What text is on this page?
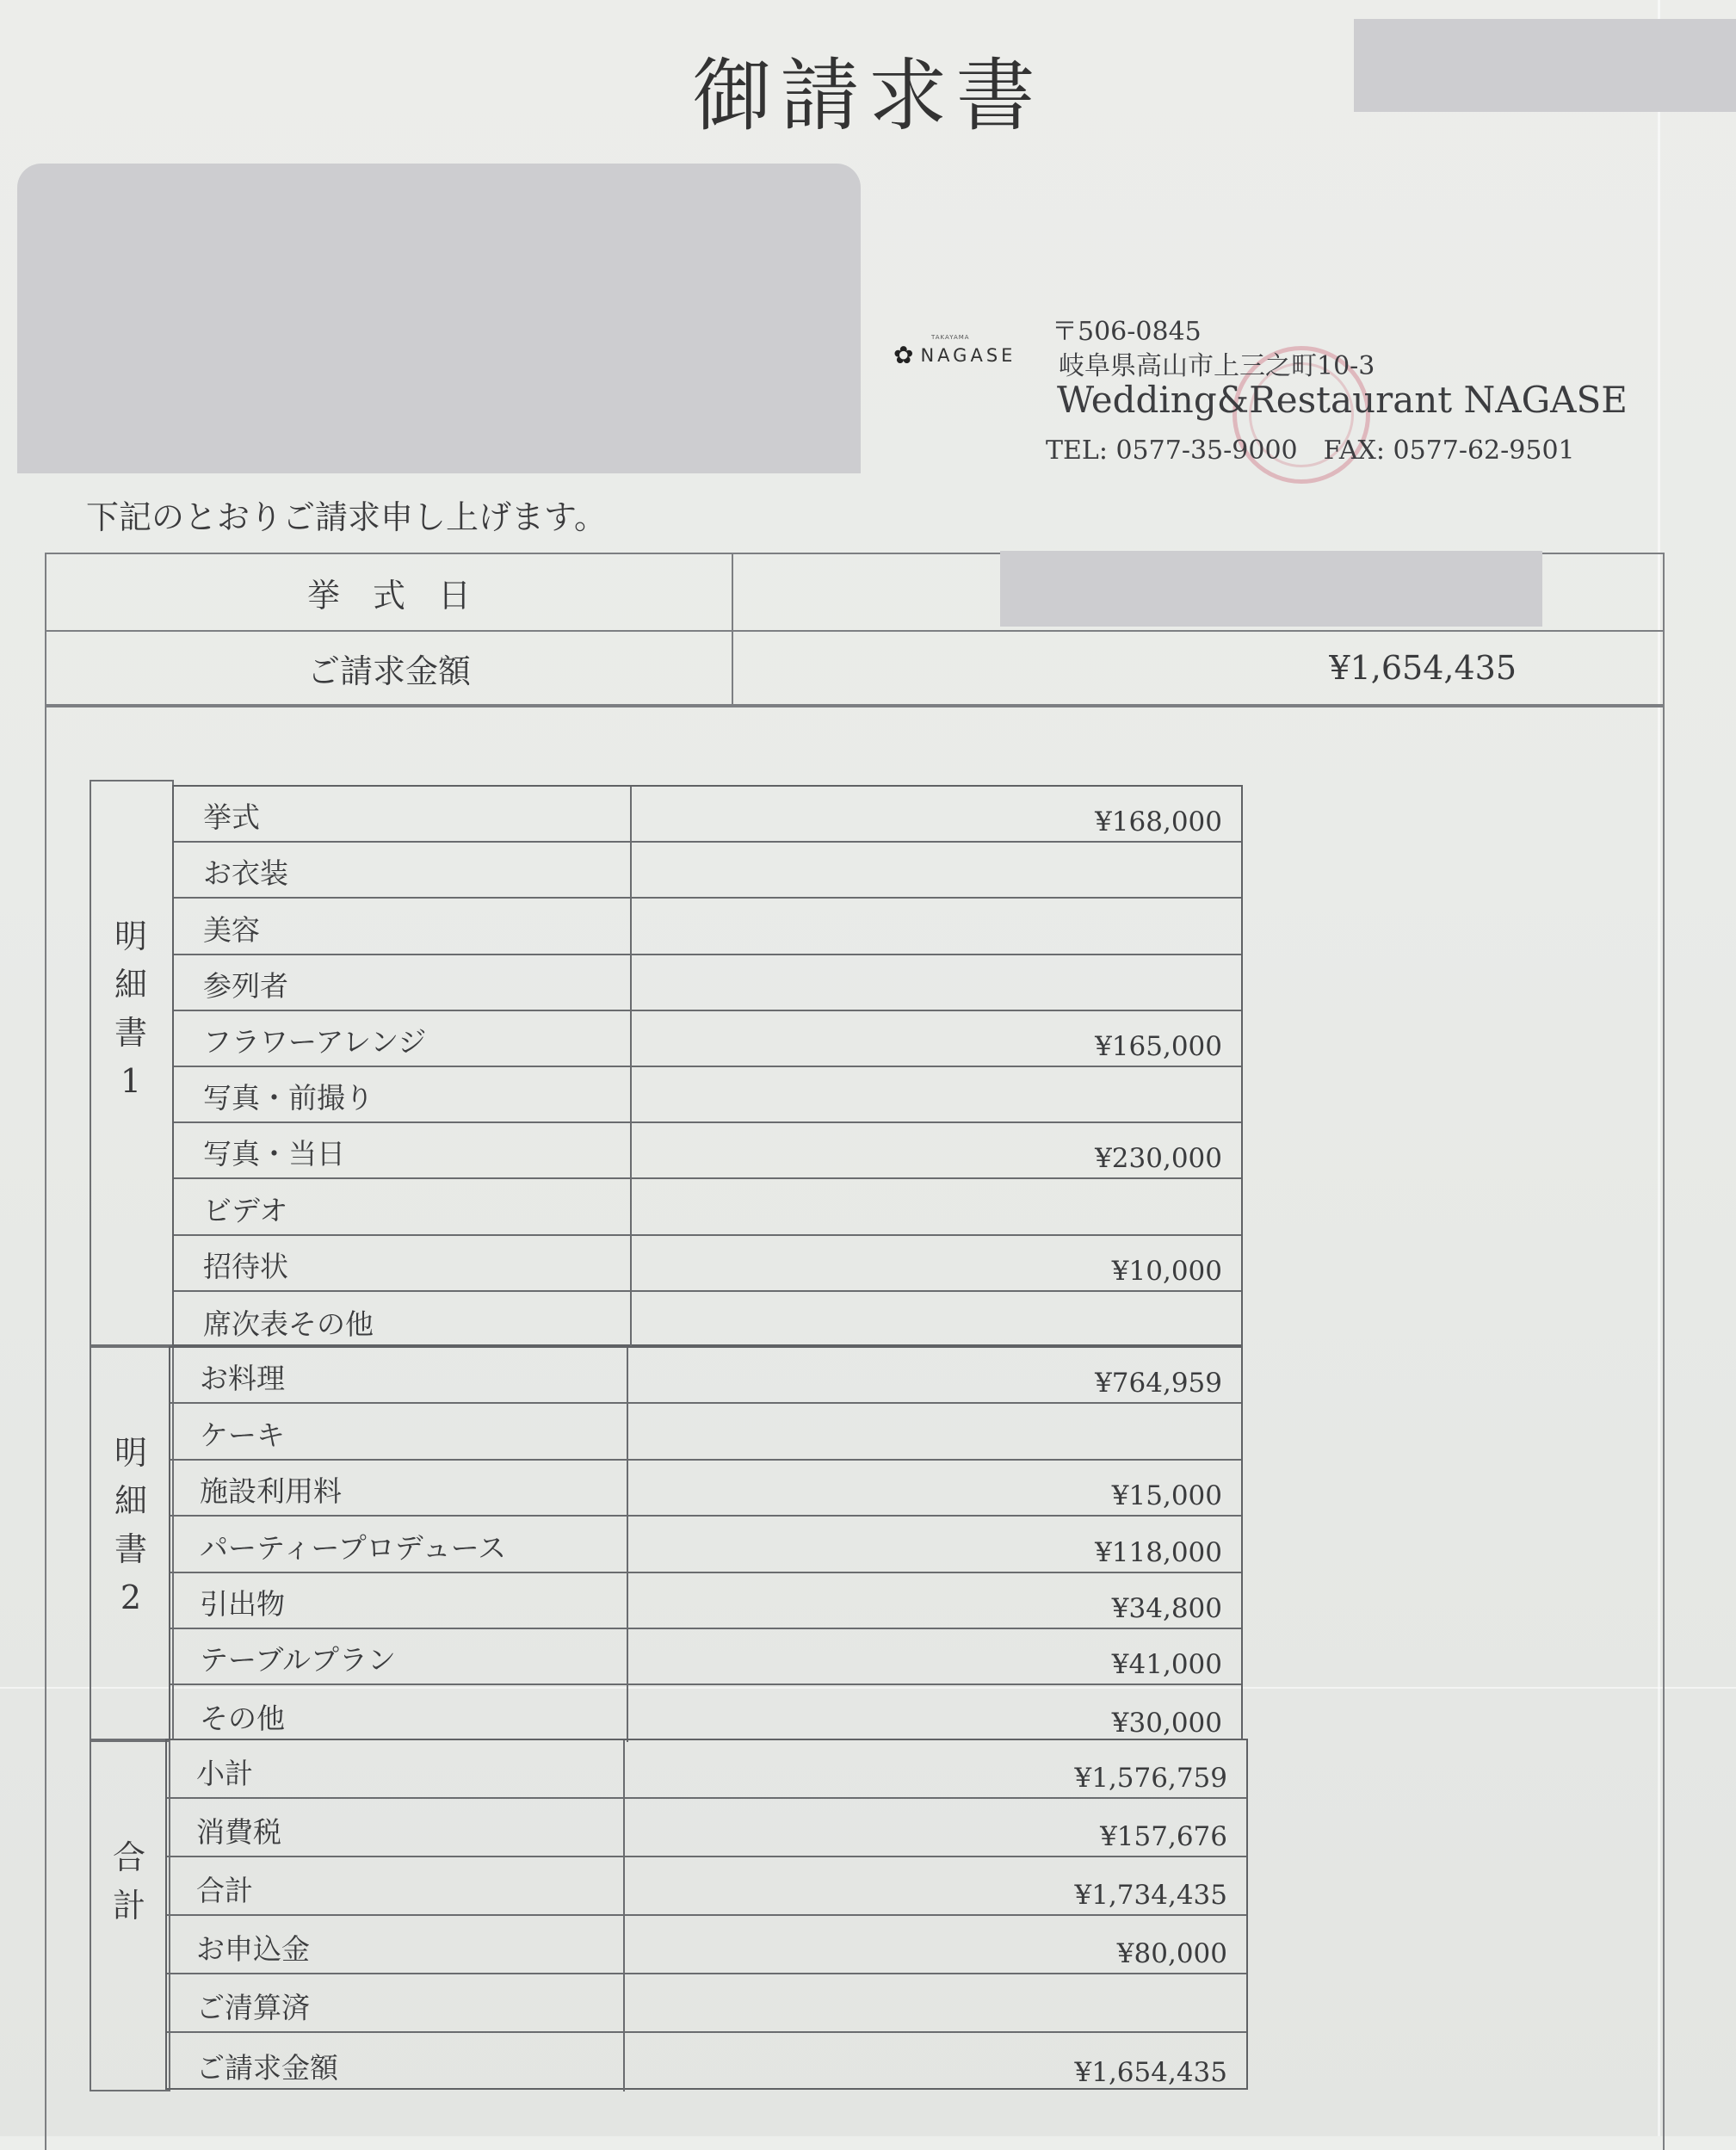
御請求書
TAKAYAMA
✿ NAGASE
〒506-0845
岐阜県高山市上三之町10-3
Wedding&Restaurant NAGASE
TEL: 0577-35-9000　FAX: 0577-62-9501
下記のとおりご請求申し上げます。
挙　式　日
ご請求金額	¥1,654,435
明
細
書
1
挙式	¥168,000
お衣装
美容
参列者
フラワーアレンジ	¥165,000
写真・前撮り
写真・当日	¥230,000
ビデオ
招待状	¥10,000
席次表その他
明
細
書
2
お料理	¥764,959
ケーキ
施設利用料	¥15,000
パーティープロデュース	¥118,000
引出物	¥34,800
テーブルプラン	¥41,000
その他	¥30,000
合
計
小計	¥1,576,759
消費税	¥157,676
合計	¥1,734,435
お申込金	¥80,000
ご清算済
ご請求金額	¥1,654,435
